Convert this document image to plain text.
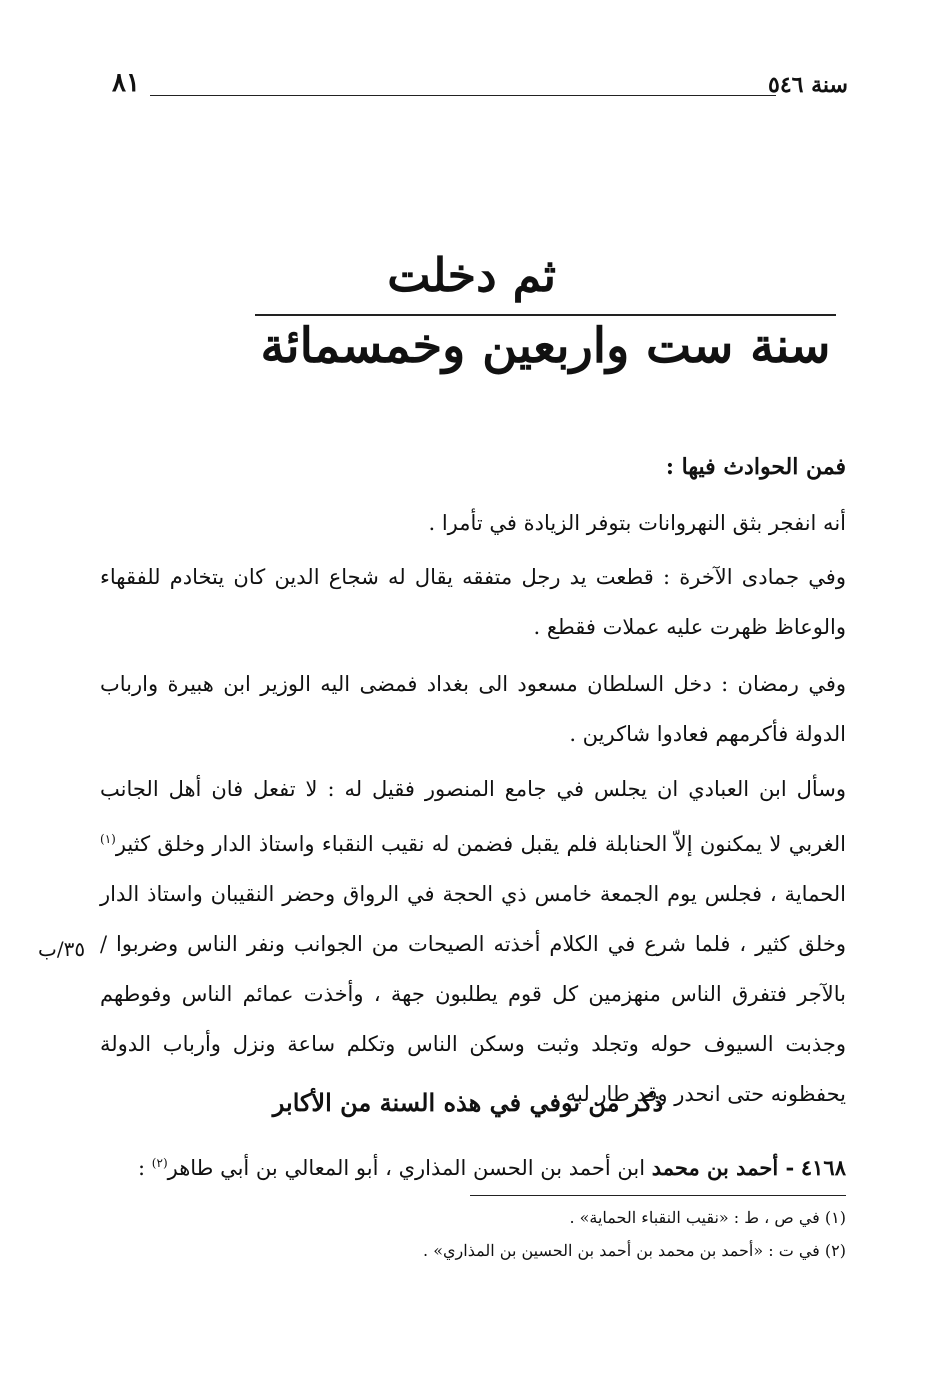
٨١	سنة ٥٤٦
ثم دخلت
سنة ست واربعين وخمسمائة
فمن الحوادث فيها :
أنه انفجر بثق النهروانات بتوفر الزيادة في تأمرا .
وفي جمادى الآخرة : قطعت يد رجل متفقه يقال له شجاع الدين كان يتخادم للفقهاء والوعاظ ظهرت عليه عملات فقطع .
وفي رمضان : دخل السلطان مسعود الى بغداد فمضى اليه الوزير ابن هبيرة وارباب الدولة فأكرمهم فعادوا شاكرين .
وسأل ابن العبادي ان يجلس في جامع المنصور فقيل له : لا تفعل فان أهل الجانب الغربي لا يمكنون إلاّ الحنابلة فلم يقبل فضمن له نقيب النقباء واستاذ الدار وخلق كثير$^{(١)}$ الحماية ، فجلس يوم الجمعة خامس ذي الحجة في الرواق وحضر النقيبان واستاذ الدار وخلق كثير ، فلما شرع في الكلام أخذته الصيحات من الجوانب ونفر الناس وضربوا / بالآجر فتفرق الناس منهزمين كل قوم يطلبون جهة ، وأخذت عمائم الناس وفوطهم وجذبت السيوف حوله وتجلد وثبت وسكن الناس وتكلم ساعة ونزل وأرباب الدولة يحفظونه حتى انحدر وقد طار لبه .
٣٥/ب
ذكر من توفي في هذه السنة من الأكابر
٤١٦٨ - أحمد بن محمد ابن أحمد بن الحسن المذاري ، أبو المعالي بن أبي طاهر$^{(٢)}$ :
(١) في ص ، ط : «نقيب النقباء الحماية» .
(٢) في ت : «أحمد بن محمد بن أحمد بن الحسين بن المذاري» .
